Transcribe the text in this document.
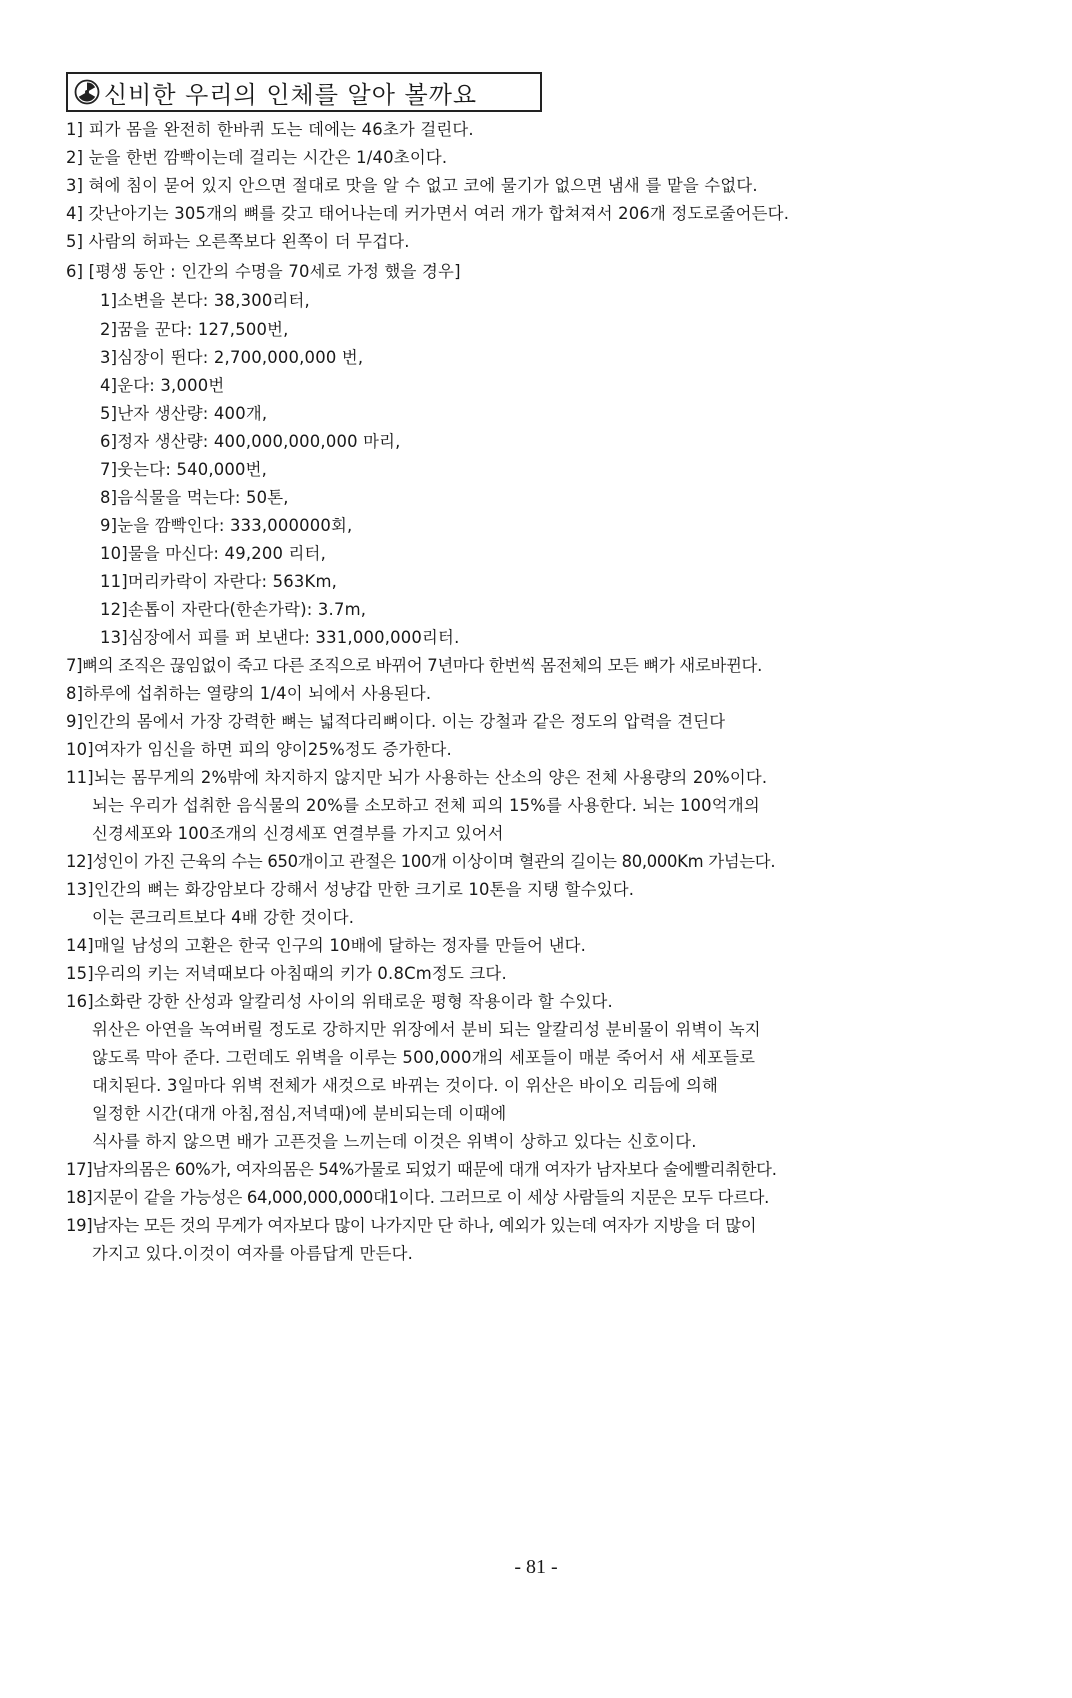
신비한 우리의 인체를 알아 볼까요
1] 피가 몸을 완전히 한바퀴 도는 데에는 46초가 걸린다.
2] 눈을 한번 깜빡이는데 걸리는 시간은 1/40초이다.
3] 혀에 침이 묻어 있지 안으면 절대로 맛을 알 수 없고 코에 물기가 없으면 냄새 를 맡을 수없다.
4] 갓난아기는 305개의 뼈를 갖고 태어나는데 커가면서 여러 개가 합쳐져서 206개 정도로줄어든다.
5] 사람의 허파는 오른쪽보다 왼쪽이 더 무겁다.
6] [평생 동안 : 인간의 수명을 70세로 가정 했을 경우]
1]소변을 본다: 38,300리터,
2]꿈을 꾼다: 127,500번,
3]심장이 뛴다: 2,700,000,000 번,
4]운다: 3,000번
5]난자 생산량: 400개,
6]정자 생산량: 400,000,000,000 마리,
7]웃는다: 540,000번,
8]음식물을 먹는다: 50톤,
9]눈을 깜빡인다: 333,000000회,
10]물을 마신다: 49,200 리터,
11]머리카락이 자란다: 563Km,
12]손톱이 자란다(한손가락): 3.7m,
13]심장에서 피를 퍼 보낸다: 331,000,000리터.
7]뼈의 조직은 끊임없이 죽고 다른 조직으로 바뀌어 7년마다 한번씩 몸전체의 모든 뼈가 새로바뀐다.
8]하루에 섭취하는 열량의 1/4이 뇌에서 사용된다.
9]인간의 몸에서 가장 강력한 뼈는 넓적다리뼈이다. 이는 강철과 같은 정도의 압력을 견딘다
10]여자가 임신을 하면 피의 양이25%정도 증가한다.
11]뇌는 몸무게의 2%밖에 차지하지 않지만 뇌가 사용하는 산소의 양은 전체 사용량의 20%이다.
뇌는 우리가 섭취한 음식물의 20%를 소모하고 전체 피의 15%를 사용한다. 뇌는 100억개의
신경세포와 100조개의 신경세포 연결부를 가지고 있어서
12]성인이 가진 근육의 수는 650개이고 관절은 100개 이상이며 혈관의 길이는 80,000Km 가넘는다.
13]인간의 뼈는 화강암보다 강해서 성냥갑 만한 크기로 10톤을 지탱 할수있다.
이는 콘크리트보다 4배 강한 것이다.
14]매일 남성의 고환은 한국 인구의 10배에 달하는 정자를 만들어 낸다.
15]우리의 키는 저녁때보다 아침때의 키가 0.8Cm정도 크다.
16]소화란 강한 산성과 알칼리성 사이의 위태로운 평형 작용이라 할 수있다.
위산은 아연을 녹여버릴 정도로 강하지만 위장에서 분비 되는 알칼리성 분비물이 위벽이 녹지
않도록 막아 준다. 그런데도 위벽을 이루는 500,000개의 세포들이 매분 죽어서 새 세포들로
대치된다. 3일마다 위벽 전체가 새것으로 바뀌는 것이다. 이 위산은 바이오 리듬에 의해
일정한 시간(대개 아침,점심,저녁때)에 분비되는데 이때에
식사를 하지 않으면 배가 고픈것을 느끼는데 이것은 위벽이 상하고 있다는 신호이다.
17]남자의몸은 60%가, 여자의몸은 54%가물로 되었기 때문에 대개 여자가 남자보다 술에빨리취한다.
18]지문이 같을 가능성은 64,000,000,000대1이다. 그러므로 이 세상 사람들의 지문은 모두 다르다.
19]남자는 모든 것의 무게가 여자보다 많이 나가지만 단 하나, 예외가 있는데 여자가 지방을 더 많이
가지고 있다.이것이 여자를 아름답게 만든다.
- 81 -
